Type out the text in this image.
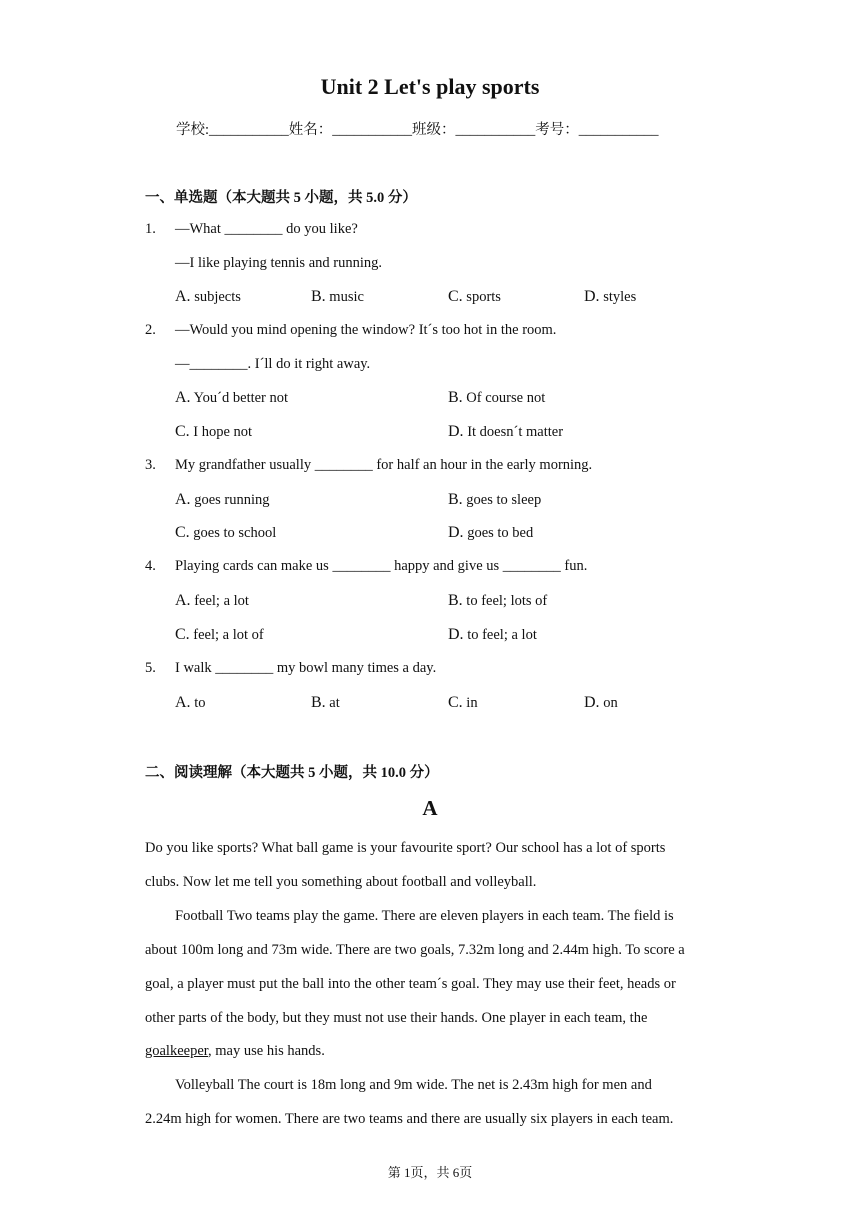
Unit 2 Let's play sports
学校:___________姓名：___________班级：___________考号：___________
一、单选题（本大题共 5 小题，共 5.0 分）
1. —What ________ do you like?
—I like playing tennis and running.
A. subjects	B. music	C. sports	D. styles
2. —Would you mind opening the window? Itˊs too hot in the room.
—________. Iˊll do it right away.
A. Youˊd better not	B. Of course not
C. I hope not	D. It doesnˊt matter
3. My grandfather usually ________ for half an hour in the early morning.
A. goes running	B. goes to sleep
C. goes to school	D. goes to bed
4. Playing cards can make us ________ happy and give us ________ fun.
A. feel; a lot	B. to feel; lots of
C. feel; a lot of	D. to feel; a lot
5. I walk ________ my bowl many times a day.
A. to	B. at	C. in	D. on
二、阅读理解（本大题共 5 小题，共 10.0 分）
A
Do you like sports? What ball game is your favourite sport? Our school has a lot of sports
clubs. Now let me tell you something about football and volleyball.
Football Two teams play the game. There are eleven players in each team. The field is
about 100m long and 73m wide. There are two goals, 7.32m long and 2.44m high. To score a
goal, a player must put the ball into the other teamˊs goal. They may use their feet, heads or
other parts of the body, but they must not use their hands. One player in each team, the
goalkeeper, may use his hands.
Volleyball The court is 18m long and 9m wide. The net is 2.43m high for men and
2.24m high for women. There are two teams and there are usually six players in each team.
第 1页，共 6页
